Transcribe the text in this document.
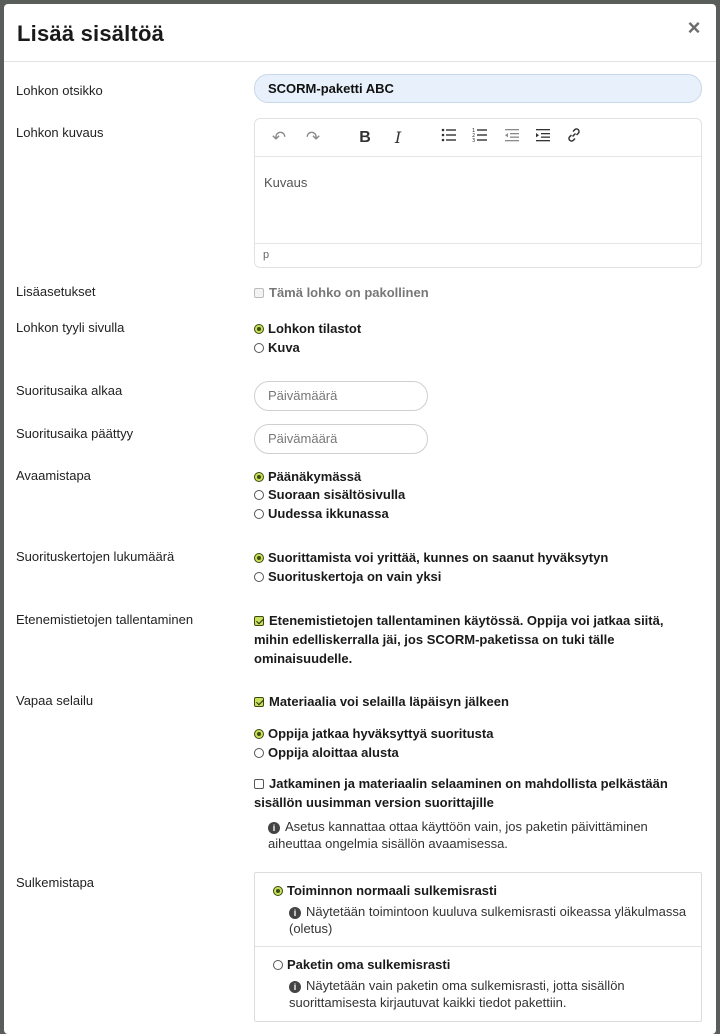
Lisää sisältöä	×
Lohkon otsikko	SCORM-paketti ABC
Lohkon kuvaus	↶ ↷	B	I	1
2
3
Kuvaus
p
Lisäasetukset	Tämä lohko on pakollinen
Lohkon tyyli sivulla	Lohkon tilastot
Kuva
Suoritusaika alkaa	Päivämäärä
Suoritusaika päättyy	Päivämäärä
Avaamistapa	Päänäkymässä
Suoraan sisältösivulla
Uudessa ikkunassa
Suorituskertojen lukumäärä	Suorittamista voi yrittää, kunnes on saanut hyväksytyn
Suorituskertoja on vain yksi
Etenemistietojen tallentaminen	Etenemistietojen tallentaminen käytössä. Oppija voi jatkaa siitä, mihin edelliskerralla jäi, jos SCORM-paketissa on tuki tälle ominaisuudelle.
Vapaa selailu	Materiaalia voi selailla läpäisyn jälkeen
Oppija jatkaa hyväksyttyä suoritusta
Oppija aloittaa alusta
Jatkaminen ja materiaalin selaaminen on mahdollista pelkästään sisällön uusimman version suorittajille
i Asetus kannattaa ottaa käyttöön vain, jos paketin päivittäminen aiheuttaa ongelmia sisällön avaamisessa.
Sulkemistapa
Toiminnon normaali sulkemisrasti
i Näytetään toimintoon kuuluva sulkemisrasti oikeassa yläkulmassa (oletus)
Paketin oma sulkemisrasti
i Näytetään vain paketin oma sulkemisrasti, jotta sisällön suorittamisesta kirjautuvat kaikki tiedot pakettiin.
